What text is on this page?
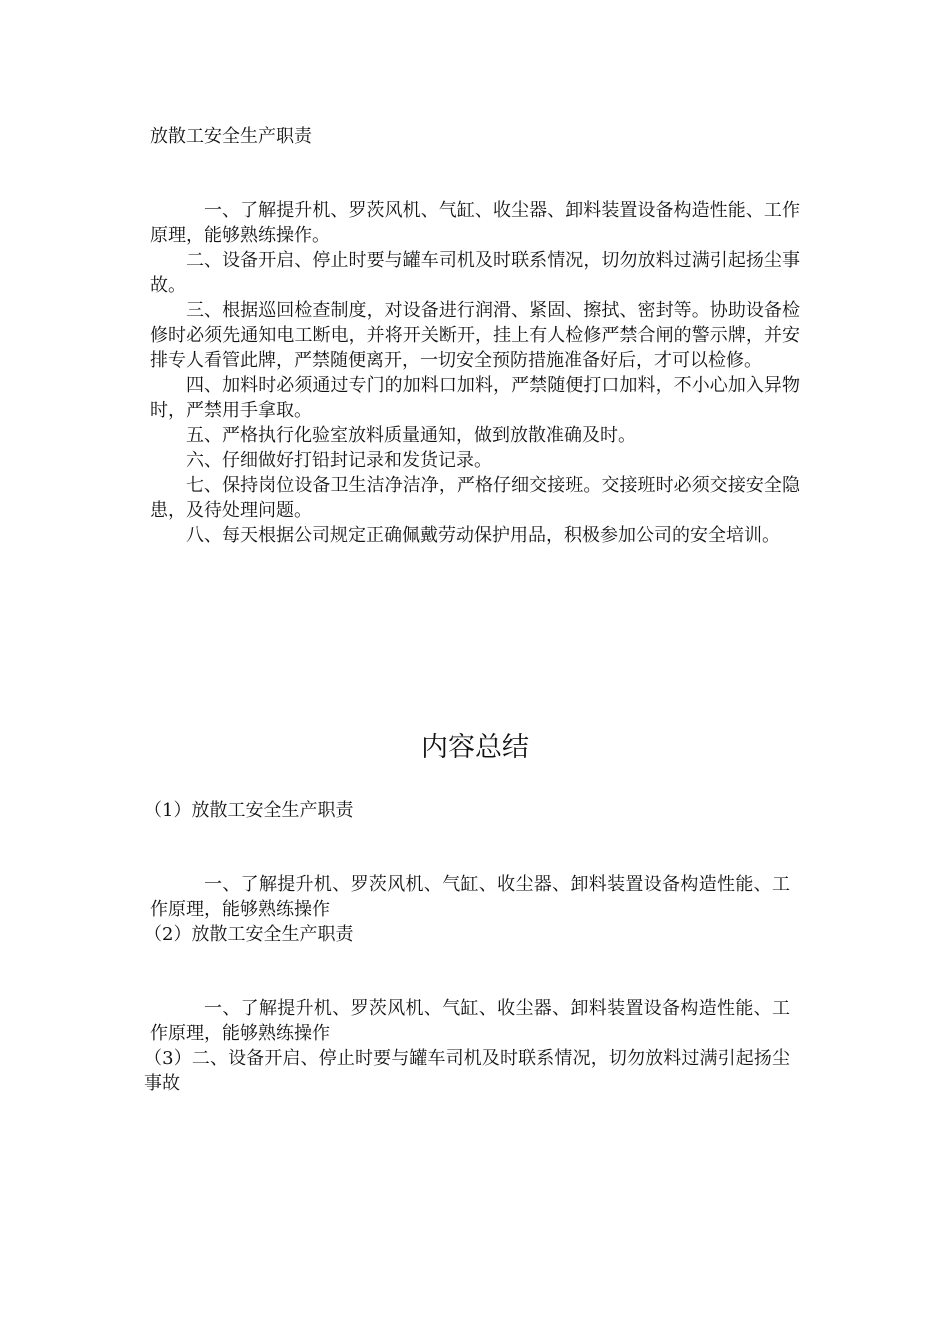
放散工安全生产职责

一、了解提升机、罗茨风机、气缸、收尘器、卸料装置设备构造性能、工作原理，能够熟练操作。

二、设备开启、停止时要与罐车司机及时联系情况，切勿放料过满引起扬尘事故。

三、根据巡回检查制度，对设备进行润滑、紧固、擦拭、密封等。协助设备检修时必须先通知电工断电，并将开关断开，挂上有人检修严禁合闸的警示牌，并安排专人看管此牌，严禁随便离开，一切安全预防措施准备好后，才可以检修。

四、加料时必须通过专门的加料口加料，严禁随便打口加料，不小心加入异物时，严禁用手拿取。

五、严格执行化验室放料质量通知，做到放散准确及时。

六、仔细做好打铅封记录和发货记录。

七、保持岗位设备卫生洁净洁净，严格仔细交接班。交接班时必须交接安全隐患，及待处理问题。

八、每天根据公司规定正确佩戴劳动保护用品，积极参加公司的安全培训。

内容总结

（1）放散工安全生产职责

一、了解提升机、罗茨风机、气缸、收尘器、卸料装置设备构造性能、工作原理，能够熟练操作

（2）放散工安全生产职责

一、了解提升机、罗茨风机、气缸、收尘器、卸料装置设备构造性能、工作原理，能够熟练操作

（3）二、设备开启、停止时要与罐车司机及时联系情况，切勿放料过满引起扬尘事故
